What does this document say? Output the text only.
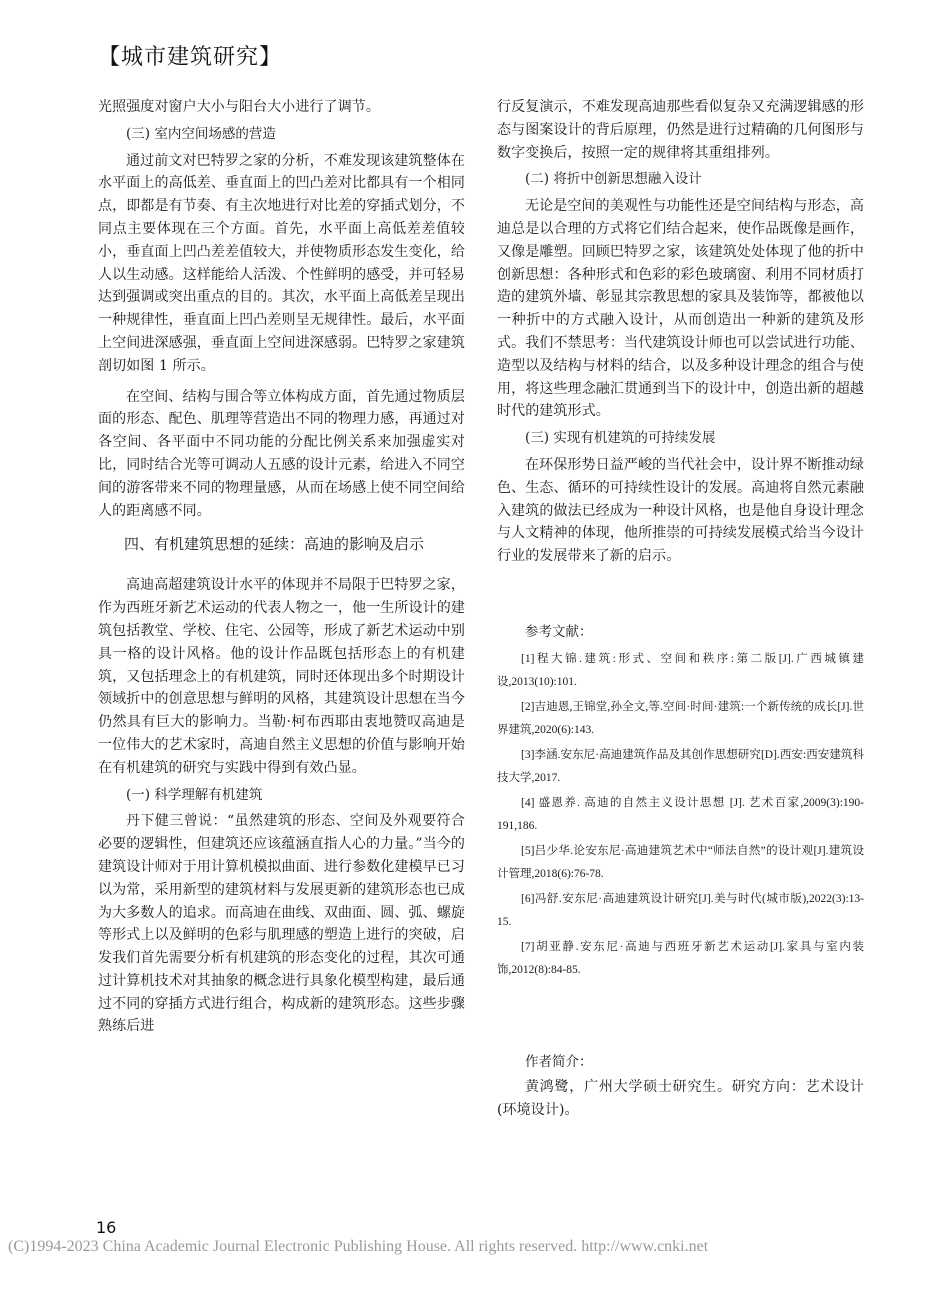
【城市建筑研究】

光照强度对窗户大小与阳台大小进行了调节。

(三) 室内空间场感的营造

通过前文对巴特罗之家的分析，不难发现该建筑整体在水平面上的高低差、垂直面上的凹凸差对比都具有一个相同点，即都是有节奏、有主次地进行对比差的穿插式划分，不同点主要体现在三个方面。首先，水平面上高低差差值较小，垂直面上凹凸差差值较大，并使物质形态发生变化，给人以生动感。这样能给人活泼、个性鲜明的感受，并可轻易达到强调或突出重点的目的。其次，水平面上高低差呈现出一种规律性，垂直面上凹凸差则呈无规律性。最后，水平面上空间进深感强，垂直面上空间进深感弱。巴特罗之家建筑剖切如图 1 所示。

在空间、结构与围合等立体构成方面，首先通过物质层面的形态、配色、肌理等营造出不同的物理力感，再通过对各空间、各平面中不同功能的分配比例关系来加强虚实对比，同时结合光等可调动人五感的设计元素，给进入不同空间的游客带来不同的物理量感，从而在场感上使不同空间给人的距离感不同。

四、有机建筑思想的延续：高迪的影响及启示

高迪高超建筑设计水平的体现并不局限于巴特罗之家，作为西班牙新艺术运动的代表人物之一，他一生所设计的建筑包括教堂、学校、住宅、公园等，形成了新艺术运动中别具一格的设计风格。他的设计作品既包括形态上的有机建筑，又包括理念上的有机建筑，同时还体现出多个时期设计领域折中的创意思想与鲜明的风格，其建筑设计思想在当今仍然具有巨大的影响力。当勒·柯布西耶由衷地赞叹高迪是一位伟大的艺术家时，高迪自然主义思想的价值与影响开始在有机建筑的研究与实践中得到有效凸显。

(一) 科学理解有机建筑

丹下健三曾说：“虽然建筑的形态、空间及外观要符合必要的逻辑性，但建筑还应该蕴涵直指人心的力量。”当今的建筑设计师对于用计算机模拟曲面、进行参数化建模早已习以为常，采用新型的建筑材料与发展更新的建筑形态也已成为大多数人的追求。而高迪在曲线、双曲面、圆、弧、螺旋等形式上以及鲜明的色彩与肌理感的塑造上进行的突破，启发我们首先需要分析有机建筑的形态变化的过程，其次可通过计算机技术对其抽象的概念进行具象化模型构建，最后通过不同的穿插方式进行组合，构成新的建筑形态。这些步骤熟练后进

行反复演示，不难发现高迪那些看似复杂又充满逻辑感的形态与图案设计的背后原理，仍然是进行过精确的几何图形与数字变换后，按照一定的规律将其重组排列。

(二) 将折中创新思想融入设计

无论是空间的美观性与功能性还是空间结构与形态，高迪总是以合理的方式将它们结合起来，使作品既像是画作，又像是雕塑。回顾巴特罗之家，该建筑处处体现了他的折中创新思想：各种形式和色彩的彩色玻璃窗、利用不同材质打造的建筑外墙、彰显其宗教思想的家具及装饰等，都被他以一种折中的方式融入设计，从而创造出一种新的建筑及形式。我们不禁思考：当代建筑设计师也可以尝试进行功能、造型以及结构与材料的结合，以及多种设计理念的组合与使用，将这些理念融汇贯通到当下的设计中，创造出新的超越时代的建筑形式。

(三) 实现有机建筑的可持续发展

在环保形势日益严峻的当代社会中，设计界不断推动绿色、生态、循环的可持续性设计的发展。高迪将自然元素融入建筑的做法已经成为一种设计风格，也是他自身设计理念与人文精神的体现，他所推崇的可持续发展模式给当今设计行业的发展带来了新的启示。

参考文献：

[1]程大锦.建筑:形式、空间和秩序:第二版[J].广西城镇建设,2013(10):101.

[2]吉迪恩,王锦堂,孙全文,等.空间·时间·建筑:一个新传统的成长[J].世界建筑,2020(6):143.

[3]李涵.安东尼·高迪建筑作品及其创作思想研究[D].西安:西安建筑科技大学,2017.

[4] 盛恩养. 高迪的自然主义设计思想 [J]. 艺术百家,2009(3):190-191,186.

[5]吕少华.论安东尼·高迪建筑艺术中“师法自然”的设计观[J].建筑设计管理,2018(6):76-78.

[6]冯舒.安东尼·高迪建筑设计研究[J].美与时代(城市版),2022(3):13-15.

[7]胡亚静.安东尼·高迪与西班牙新艺术运动[J].家具与室内装饰,2012(8):84-85.

作者简介：

黄鸿鹭，广州大学硕士研究生。研究方向：艺术设计 (环境设计)。

16
(C)1994-2023 China Academic Journal Electronic Publishing House. All rights reserved. http://www.cnki.net
